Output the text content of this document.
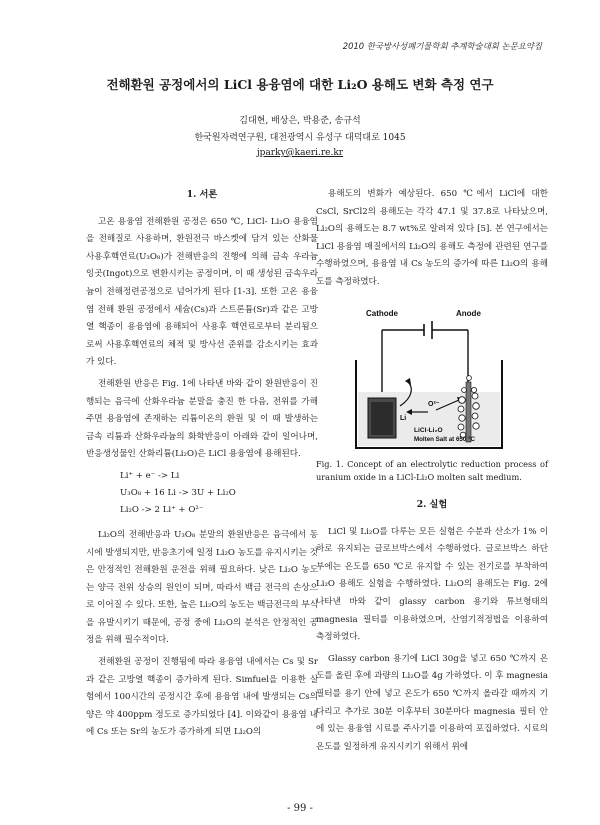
2010 한국방사성폐기물학회 추계학술대회 논문요약집
전해환원 공정에서의 LiCl 용융염에 대한 Li₂O 용해도 변화 측정 연구
김대현, 배상은, 박용준, 송규석
한국원자력연구원, 대전광역시 유성구 대덕대로 1045
jparky@kaeri.re.kr
1. 서론

고온 용융염 전해환원 공정은 650 ℃, LiCl- Li₂O 용융염을 전해질로 사용하며, 환원전극 바스켓에 담겨 있는 산화물 사용후핵연료(U₃O₈)가 전해반응의 진행에 의해 금속 우라늄 잉곳(Ingot)으로 변환시키는 공정이며, 이 때 생성된 금속우라늄이 전해정련공정으로 넘어가게 된다 [1-3]. 또한 고온 용융염 전해 환원 공정에서 세슘(Cs)과 스트론튬(Sr)과 같은 고방열 핵종이 용융염에 용해되어 사용후 핵연료로부터 분리됨으로써 사용후핵연료의 체적 및 방사선 준위를 감소시키는 효과가 있다.

전해환원 반응은 Fig. 1에 나타낸 바와 같이 환원반응이 진행되는 음극에 산화우라늄 분말을 충진 한 다음, 전위를 가해주면 용융염에 존재하는 리튬이온의 환원 및 이 때 발생하는 금속 리튬과 산화우라늄의 화학반응이 아래와 같이 일어나며, 반응생성물인 산화리튬(Li₂O)은 LiCl 용융염에 용해된다.

Li⁺ + e⁻ -> Li
U₃O₈ + 16 Li -> 3U + Li₂O
Li₂O -> 2 Li⁺ + O²⁻

Li₂O의 전해반응과 U₃O₈ 분말의 환원반응은 음극에서 동시에 발생되지만, 반응초기에 일정 Li₂O 농도를 유지시키는 것은 안정적인 전해환원 운전을 위해 필요하다. 낮은 Li₂O 농도는 양극 전위 상승의 원인이 되며, 따라서 백금 전극의 손상으로 이어질 수 있다. 또한, 높은 Li₂O의 농도는 백금전극의 부식을 유발시키기 때문에, 공정 중에 Li₂O의 분석은 안정적인 공정을 위해 필수적이다.

전해환원 공정이 진행됨에 따라 용융염 내에서는 Cs 및 Sr과 같은 고방열 핵종이 증가하게 된다. Simfuel을 이용한 실험에서 100시간의 공정시간 후에 용융염 내에 발생되는 Cs의 양은 약 400ppm 정도로 증가되었다 [4]. 이와같이 용융염 내에 Cs 또는 Sr의 농도가 증가하게 되면 Li₂O의

용해도의 변화가 예상된다. 650 ℃에서 LiCl에 대한 CsCl, SrCl2의 용해도는 각각 47.1 및 37.8로 나타났으며, Li₂O의 용해도는 8.7 wt%로 알려져 있다 [5]. 본 연구에서는 LiCl 용융염 매질에서의 Li₂O의 용해도 측정에 관련된 연구를 수행하였으며, 용융염 내 Cs 농도의 증가에 따른 Li₂O의 용해도를 측정하였다.

Cathode	Anode
Li
O²⁻
LiCl-Li₂O
Molten Salt at 650 °C

Fig. 1. Concept of an electrolytic reduction process of uranium oxide in a LiCl-Li₂O molten salt medium.

2. 실험

LiCl 및 Li₂O를 다루는 모든 실험은 수분과 산소가 1% 이하로 유지되는 글로브박스에서 수행하였다. 글로브박스 하단부에는 온도를 650 ℃로 유지할 수 있는 전기로를 부착하여 Li₂O 용해도 실험을 수행하였다. Li₂O의 용해도는 Fig. 2에 나타낸 바와 같이 glassy carbon 용기와 튜브형태의 magnesia 필터를 이용하였으며, 산염기적정법을 이용하여 측정하였다.

Glassy carbon 용기에 LiCl 30g을 넣고 650 ℃까지 온도를 올린 후에 과량의 Li₂O를 4g 가하였다. 이 후 magnesia 필터를 용기 안에 넣고 온도가 650 ℃까지 올라갈 때까지 기다리고 추가로 30분 이후부터 30분마다 magnesia 필터 안에 있는 용융염 시료를 주사기를 이용하여 포집하였다. 시료의 온도를 일정하게 유지시키기 위해서 위에

- 99 -
